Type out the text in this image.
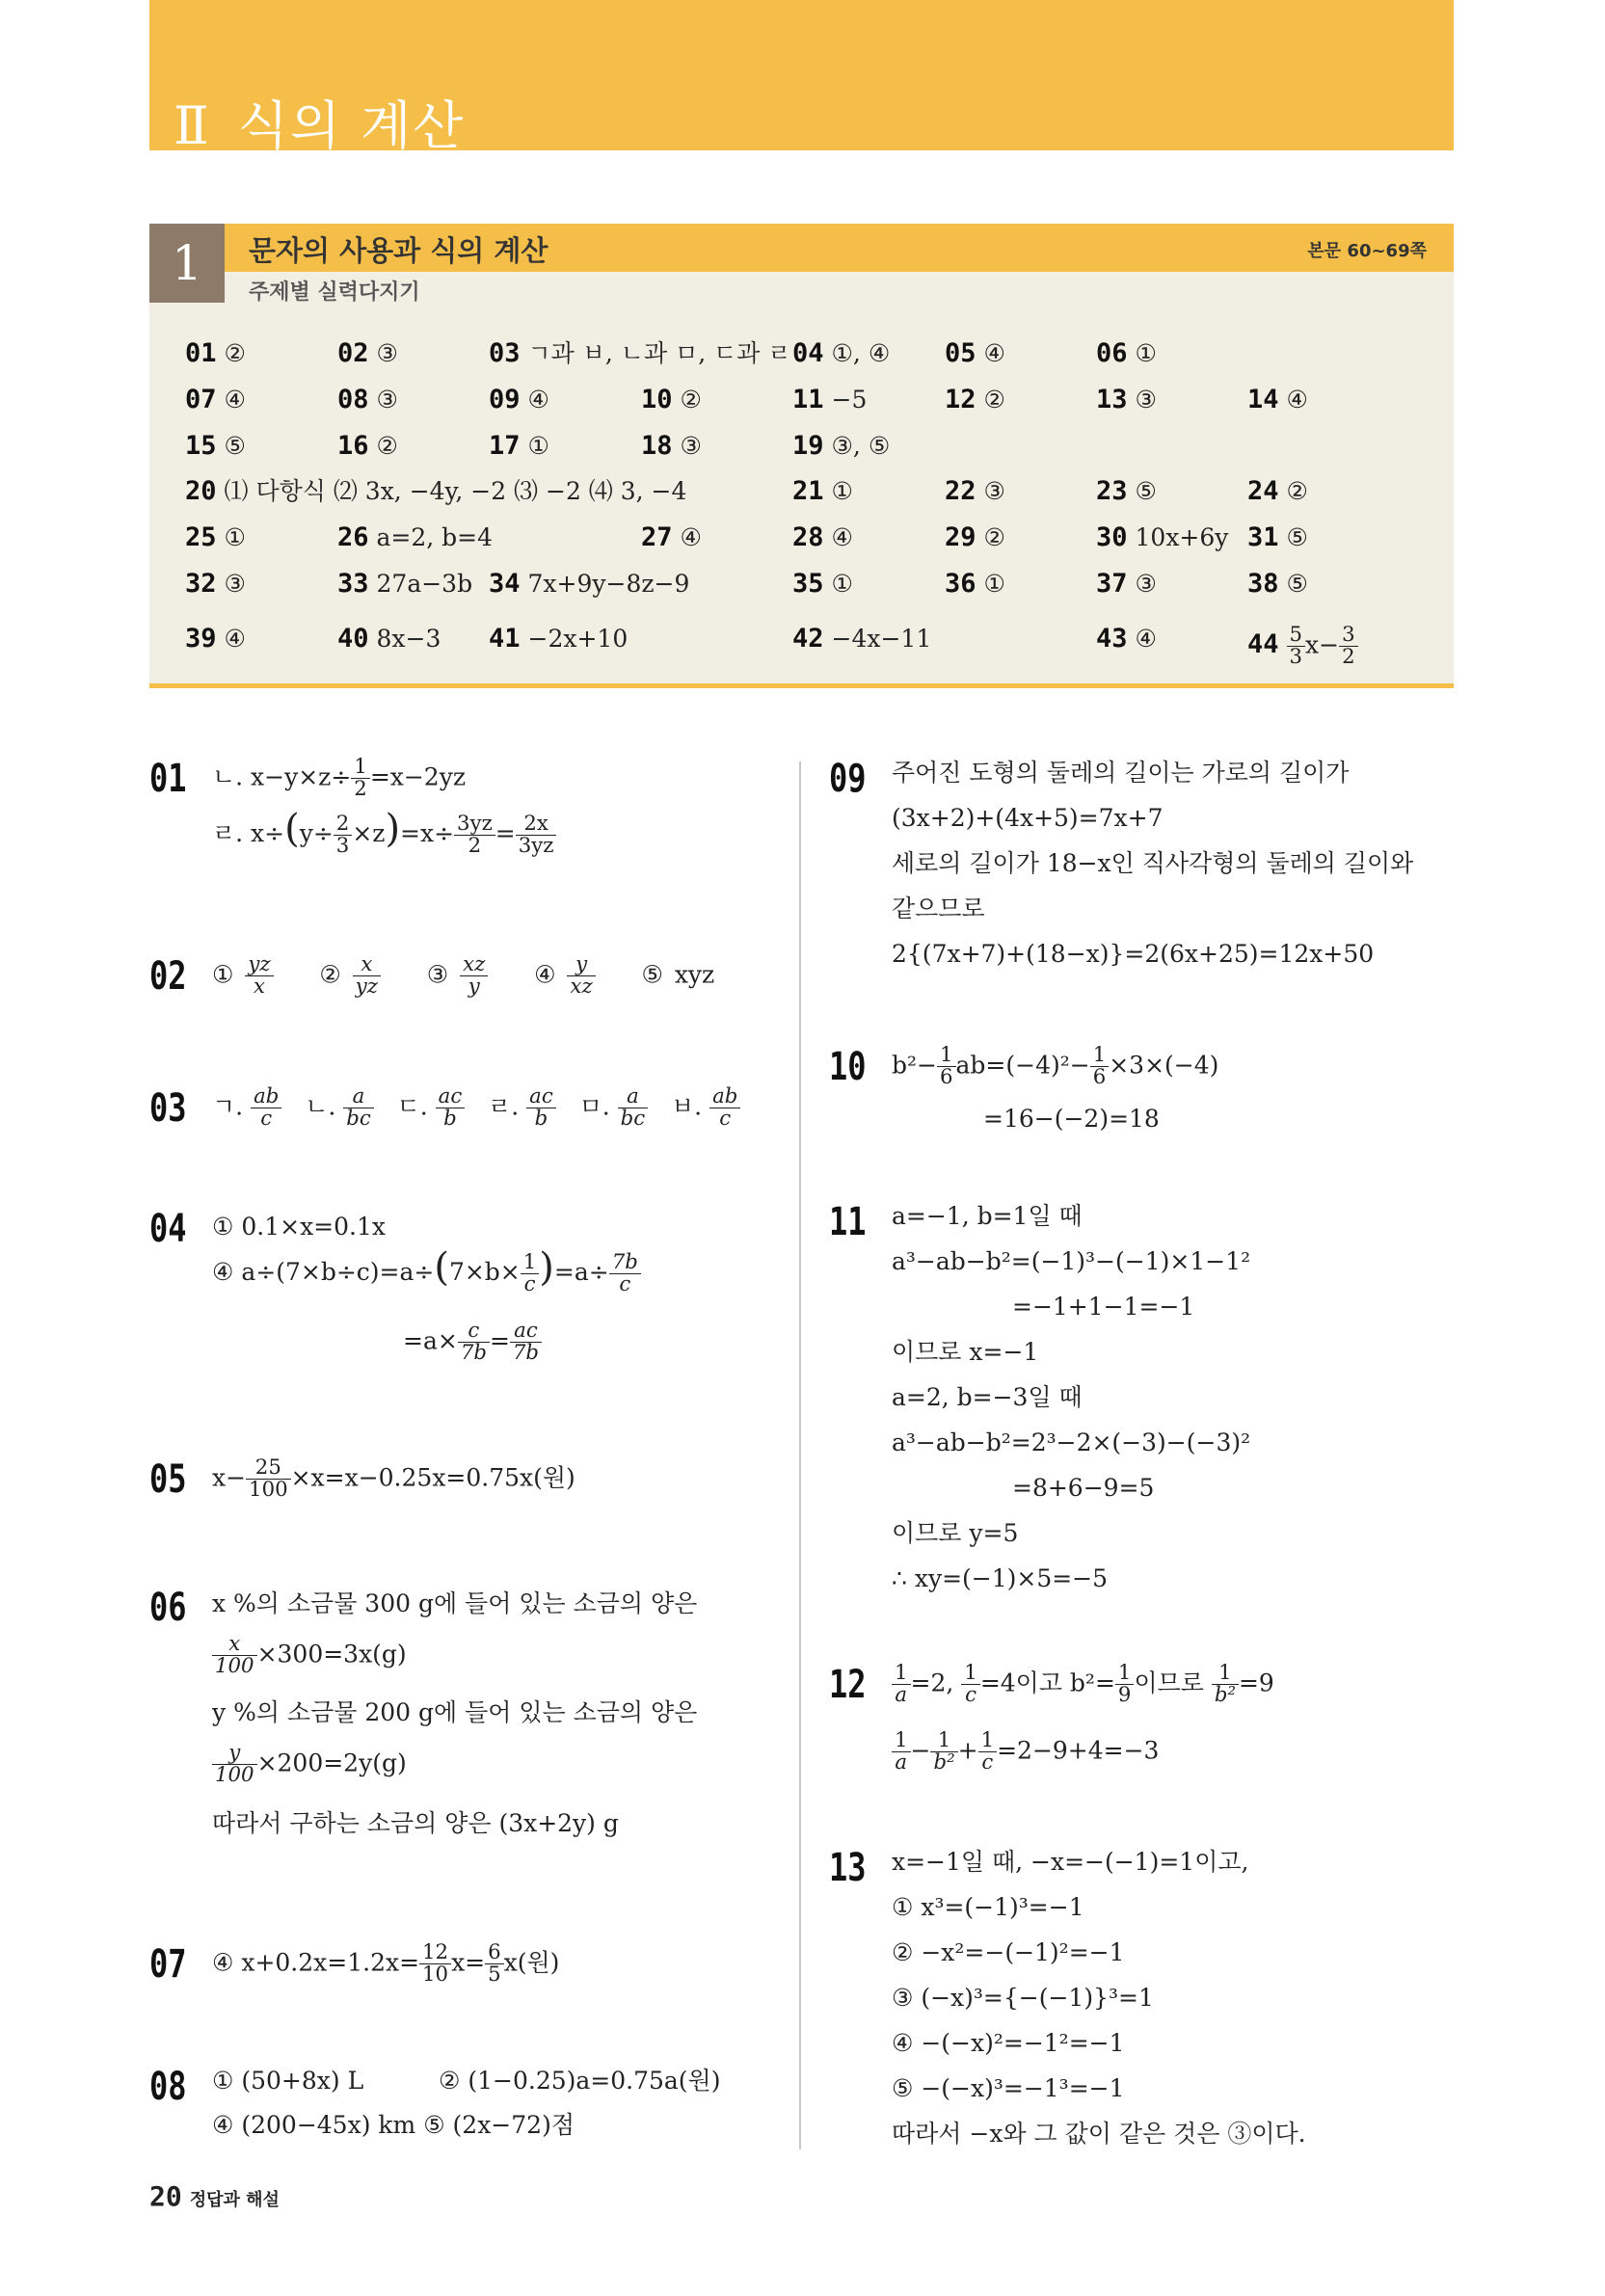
Ⅱ 식의 계산
1	문자의 사용과 식의 계산	본문 60~69쪽
주제별 실력다지기
01 ②	02 ③	03 ㄱ과 ㅂ, ㄴ과 ㅁ, ㄷ과 ㄹ 04 ①, ④ 05 ④	06 ①
07 ④	08 ③	09 ④	10 ②	11 −5	12 ②	13 ③	14 ④
15 ⑤	16 ②	17 ①	18 ③	19 ③, ⑤
20 ⑴ 다항식 ⑵ 3x, −4y, −2 ⑶ −2 ⑷ 3, −4	21 ①	22 ③	23 ⑤	24 ②
25 ①	26 a=2, b=4	27 ④	28 ④	29 ②	30 10x+6y 31 ⑤
32 ③	33 27a−3b 34 7x+9y−8z−9	35 ①	36 ①	37 ③	38 ⑤
39 ④	40 8x−3 41 −2x+10	42 −4x−11	43 ④	$44 \frac{5}{3} x- \frac{3}{2}$
01 ㄴ. $x-y\times z\div \frac{1}{2} =x-2yz$
ㄹ. $x\div(y\div \frac{2}{3} \times z)=x\div \frac{3yz}{2} = \frac{2x}{3yz}$
02 ① $\frac{yz}{x}$ ② $\frac{x}{yz}$ ③ $\frac{xz}{y}$ ④ $\frac{y}{xz}$ ⑤ xyz
03 ㄱ. $\frac{ab}{c}$ ㄴ. $\frac{a}{bc}$ ㄷ. $\frac{ac}{b}$ ㄹ. $\frac{ac}{b}$ ㅁ. $\frac{a}{bc}$ ㅂ. $\frac{ab}{c}$
04 ① 0.1×x=0.1x
④ $a\div(7\times b\div c)=a\div(7\times b\times \frac{1}{c} )=a\div \frac{7b}{c}$
$=a\times \frac{c}{7b} = \frac{ac}{7b}$
05 $x- \frac{25}{100} \times x=x-0.25x=0.75x$(원)
06 x %의 소금물 300 g에 들어 있는 소금의 양은
$\frac{x}{100} \times 300=3x(g)$
y %의 소금물 200 g에 들어 있는 소금의 양은
$\frac{y}{100} \times 200=2y(g)$
따라서 구하는 소금의 양은 (3x+2y) g
07 ④ $x+0.2x=1.2x= \frac{12}{10} x= \frac{6}{5} x$(원)
08 ① (50+8x) L	② (1−0.25)a=0.75a(원)
④ (200−45x) km ⑤ (2x−72)점
09 주어진 도형의 둘레의 길이는 가로의 길이가
(3x+2)+(4x+5)=7x+7
세로의 길이가 18−x인 직사각형의 둘레의 길이와
같으므로
2{(7x+7)+(18−x)}=2(6x+25)=12x+50
10 $b^2- \frac{1}{6} ab=(-4)^2- \frac{1}{6} \times 3\times(-4)$
=16−(−2)=18
11 a=−1, b=1일 때
a³−ab−b²=(−1)³−(−1)×1−1²
=−1+1−1=−1
이므로 x=−1
a=2, b=−3일 때
a³−ab−b²=2³−2×(−3)−(−3)²
=8+6−9=5
이므로 y=5
∴ xy=(−1)×5=−5
$12 \frac{1}{a} =2$, $\frac{1}{c} =4$이고 $b^2= \frac{1}{9}$ 이므로 $\frac{1}{\text{b²}} =9$
$\frac{1}{a} - \frac{1}{\text{b²}} + \frac{1}{c} =2-9+4=-3$
13 x=−1일 때, −x=−(−1)=1이고,
① x³=(−1)³=−1
② −x²=−(−1)²=−1
③ (−x)³={−(−1)}³=1
④ −(−x)²=−1²=−1
⑤ −(−x)³=−1³=−1
따라서 −x와 그 값이 같은 것은 ③이다.
20 정답과 해설
